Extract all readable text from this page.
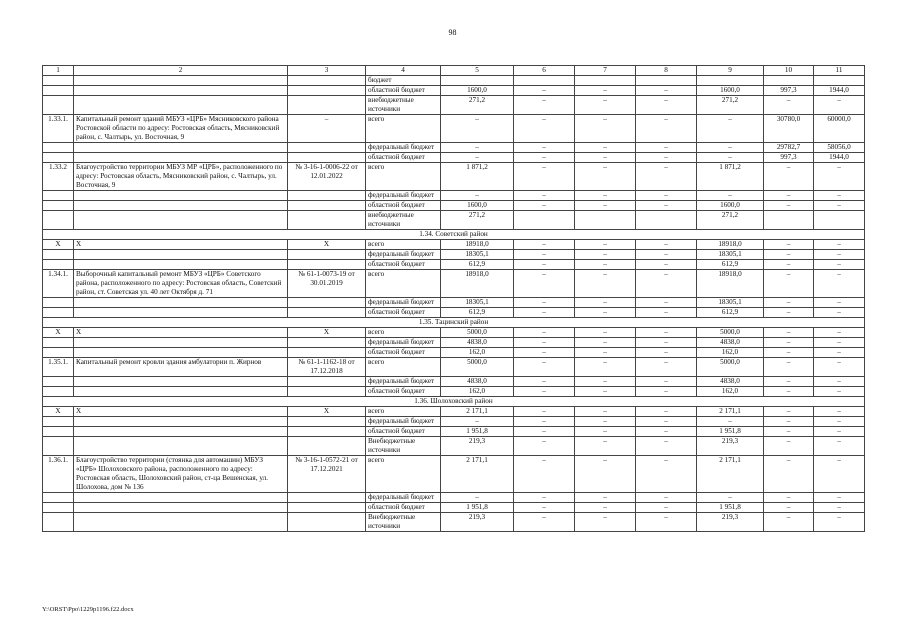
98
1	2	3	4	5	6	7	8	9	10	11
			бюджет							
			областной бюджет	1600,0	–	–	–	1600,0	997,3	1944,0
			внебюджетные источники	271,2	–	–	–	271,2	–	–
1.33.1.	Капитальный ремонт зданий МБУЗ «ЦРБ» Мясниковского района Ростовской области по адресу: Ростовская область, Мясниковский район, с. Чалтырь, ул. Восточная, 9	–	всего	–	–	–	–	–	30780,0	60000,0
			федеральный бюджет	–	–	–	–	–	29782,7	58056,0
			областной бюджет	–	–	–	–	–	997,3	1944,0
1.33.2	Благоустройство территории МБУЗ МР «ЦРБ», расположенного по адресу: Ростовская область, Мясниковский район, с. Чалтырь, ул. Восточная, 9	№ 3-16-1-0006-22 от 12.01.2022	всего	1 871,2	–	–	–	1 871,2	–	–
			федеральный бюджет	–	–	–	–	–	–	–
			областной бюджет	1600,0	–	–	–	1600,0	–	–
			внебюджетные источники	271,2				271,2		
1.34. Советский район										
X	X	X	всего	18918,0	–	–	–	18918,0	–	–
			федеральный бюджет	18305,1	–	–	–	18305,1	–	–
			областной бюджет	612,9	–	–	–	612,9	–	–
1.34.1.	Выборочный капитальный ремонт МБУЗ «ЦРБ» Советского района, расположенного по адресу: Ростовская область, Советский район, ст. Советская ул. 40 лет Октября д. 71	№ 61-1-0073-19 от 30.01.2019	всего	18918,0	–	–	–	18918,0	–	–
			федеральный бюджет	18305,1	–	–	–	18305,1	–	–
			областной бюджет	612,9	–	–	–	612,9	–	–
1.35. Тацинский район										
X	X	X	всего	5000,0	–	–	–	5000,0	–	–
			федеральный бюджет	4838,0	–	–	–	4838,0	–	–
			областной бюджет	162,0	–	–	–	162,0	–	–
1.35.1.	Капитальный ремонт кровли здания амбулатории п. Жирнов	№ 61-1-1162-18 от 17.12.2018	всего	5000,0	–	–	–	5000,0	–	–
			федеральный бюджет	4838,0	–	–	–	4838,0	–	–
			областной бюджет	162,0	–	–	–	162,0	–	–
1.36. Шолоховский район										
X	X	X	всего	2 171,1	–	–	–	2 171,1	–	–
			федеральный бюджет	–	–	–	–	–	–	–
			областной бюджет	1 951,8	–	–	–	1 951,8	–	–
			Внебюджетные источники	219,3	–	–	–	219,3	–	–
1.36.1.	Благоустройство территории (стоянка для автомашин) МБУЗ «ЦРБ» Шолоховского района, расположенного по адресу: Ростовская область, Шолоховский район, ст-ца Вешенская, ул. Шолохова, дом № 136	№ 3-16-1-0572-21 от 17.12.2021	всего	2 171,1	–	–	–	2 171,1	–	–
			федеральный бюджет	–	–	–	–	–	–	–
			областной бюджет	1 951,8	–	–	–	1 951,8	–	–
			Внебюджетные источники	219,3	–	–	–	219,3	–	–
Y:\ORST\Ppo\1229p1196.f22.docx
